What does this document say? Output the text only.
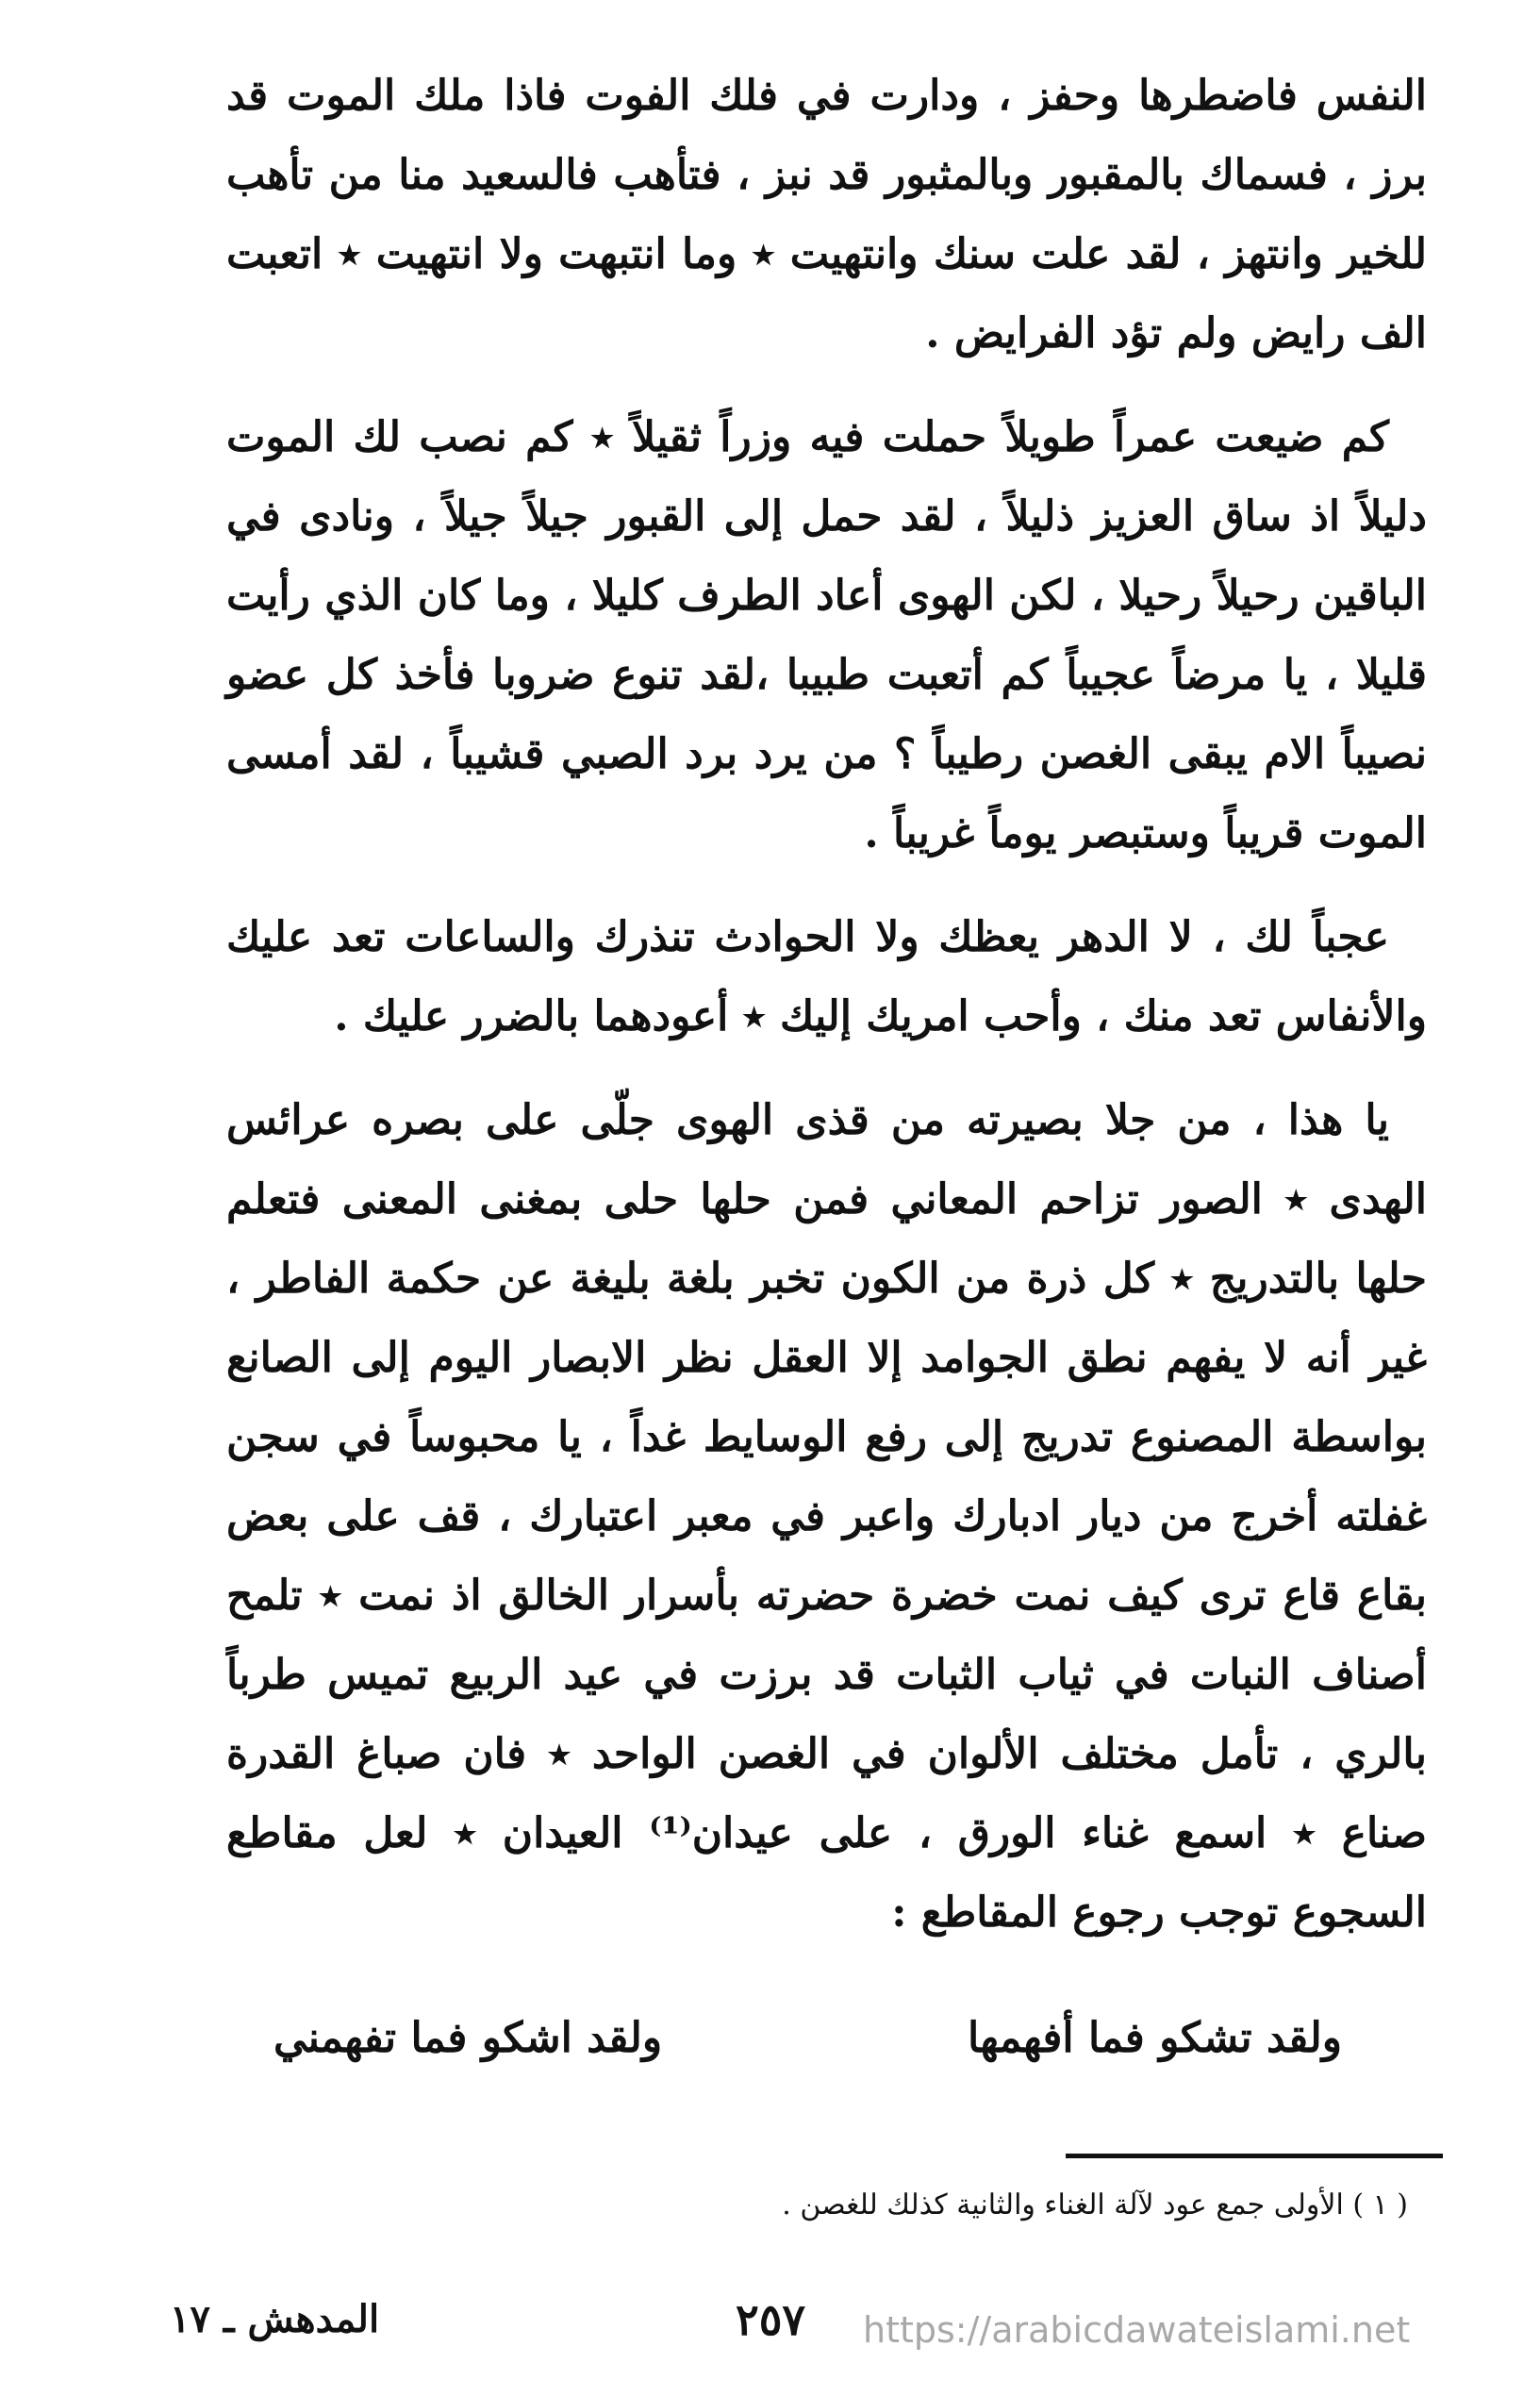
النفس فاضطرها وحفز ، ودارت في فلك الفوت فاذا ملك الموت قد برز ، فسماك بالمقبور وبالمثبور قد نبز ، فتأهب فالسعيد منا من تأهب للخير وانتهز ، لقد علت سنك وانتهيت ٭ وما انتبهت ولا انتهيت ٭ اتعبت الف رايض ولم تؤد الفرايض .

كم ضيعت عمراً طويلاً حملت فيه وزراً ثقيلاً ٭ كم نصب لك الموت دليلاً اذ ساق العزيز ذليلاً ، لقد حمل إلى القبور جيلاً جيلاً ، ونادى في الباقين رحيلاً رحيلا ، لكن الهوى أعاد الطرف كليلا ، وما كان الذي رأيت قليلا ، يا مرضاً عجيباً كم أتعبت طبيبا ،لقد تنوع ضروبا فأخذ كل عضو نصيباً الام يبقى الغصن رطيباً ؟ من يرد برد الصبي قشيباً ، لقد أمسى الموت قريباً وستبصر يوماً غريباً .

عجباً لك ، لا الدهر يعظك ولا الحوادث تنذرك والساعات تعد عليك والأنفاس تعد منك ، وأحب امريك إليك ٭ أعودهما بالضرر عليك .

يا هذا ، من جلا بصيرته من قذى الهوى جلّى على بصره عرائس الهدى ٭ الصور تزاحم المعاني فمن حلها حلى بمغنى المعنى فتعلم حلها بالتدريج ٭ كل ذرة من الكون تخبر بلغة بليغة عن حكمة الفاطر ، غير أنه لا يفهم نطق الجوامد إلا العقل نظر الابصار اليوم إلى الصانع بواسطة المصنوع تدريج إلى رفع الوسايط غداً ، يا محبوساً في سجن غفلته أخرج من ديار ادبارك واعبر في معبر اعتبارك ، قف على بعض بقاع قاع ترى كيف نمت خضرة حضرته بأسرار الخالق اذ نمت ٭ تلمح أصناف النبات في ثياب الثبات قد برزت في عيد الربيع تميس طرباً بالري ، تأمل مختلف الألوان في الغصن الواحد ٭ فان صباغ القدرة صناع ٭ اسمع غناء الورق ، على عيدان⁽¹⁾ العيدان ٭ لعل مقاطع السجوع توجب رجوع المقاطع :

ولقد تشكو فما أفهمها
ولقد اشكو فما تفهمني
( ١ ) الأولى جمع عود لآلة الغناء والثانية كذلك للغصن .
٢٥٧
المدهش ـ ١٧	https://arabicdawateislami.net
